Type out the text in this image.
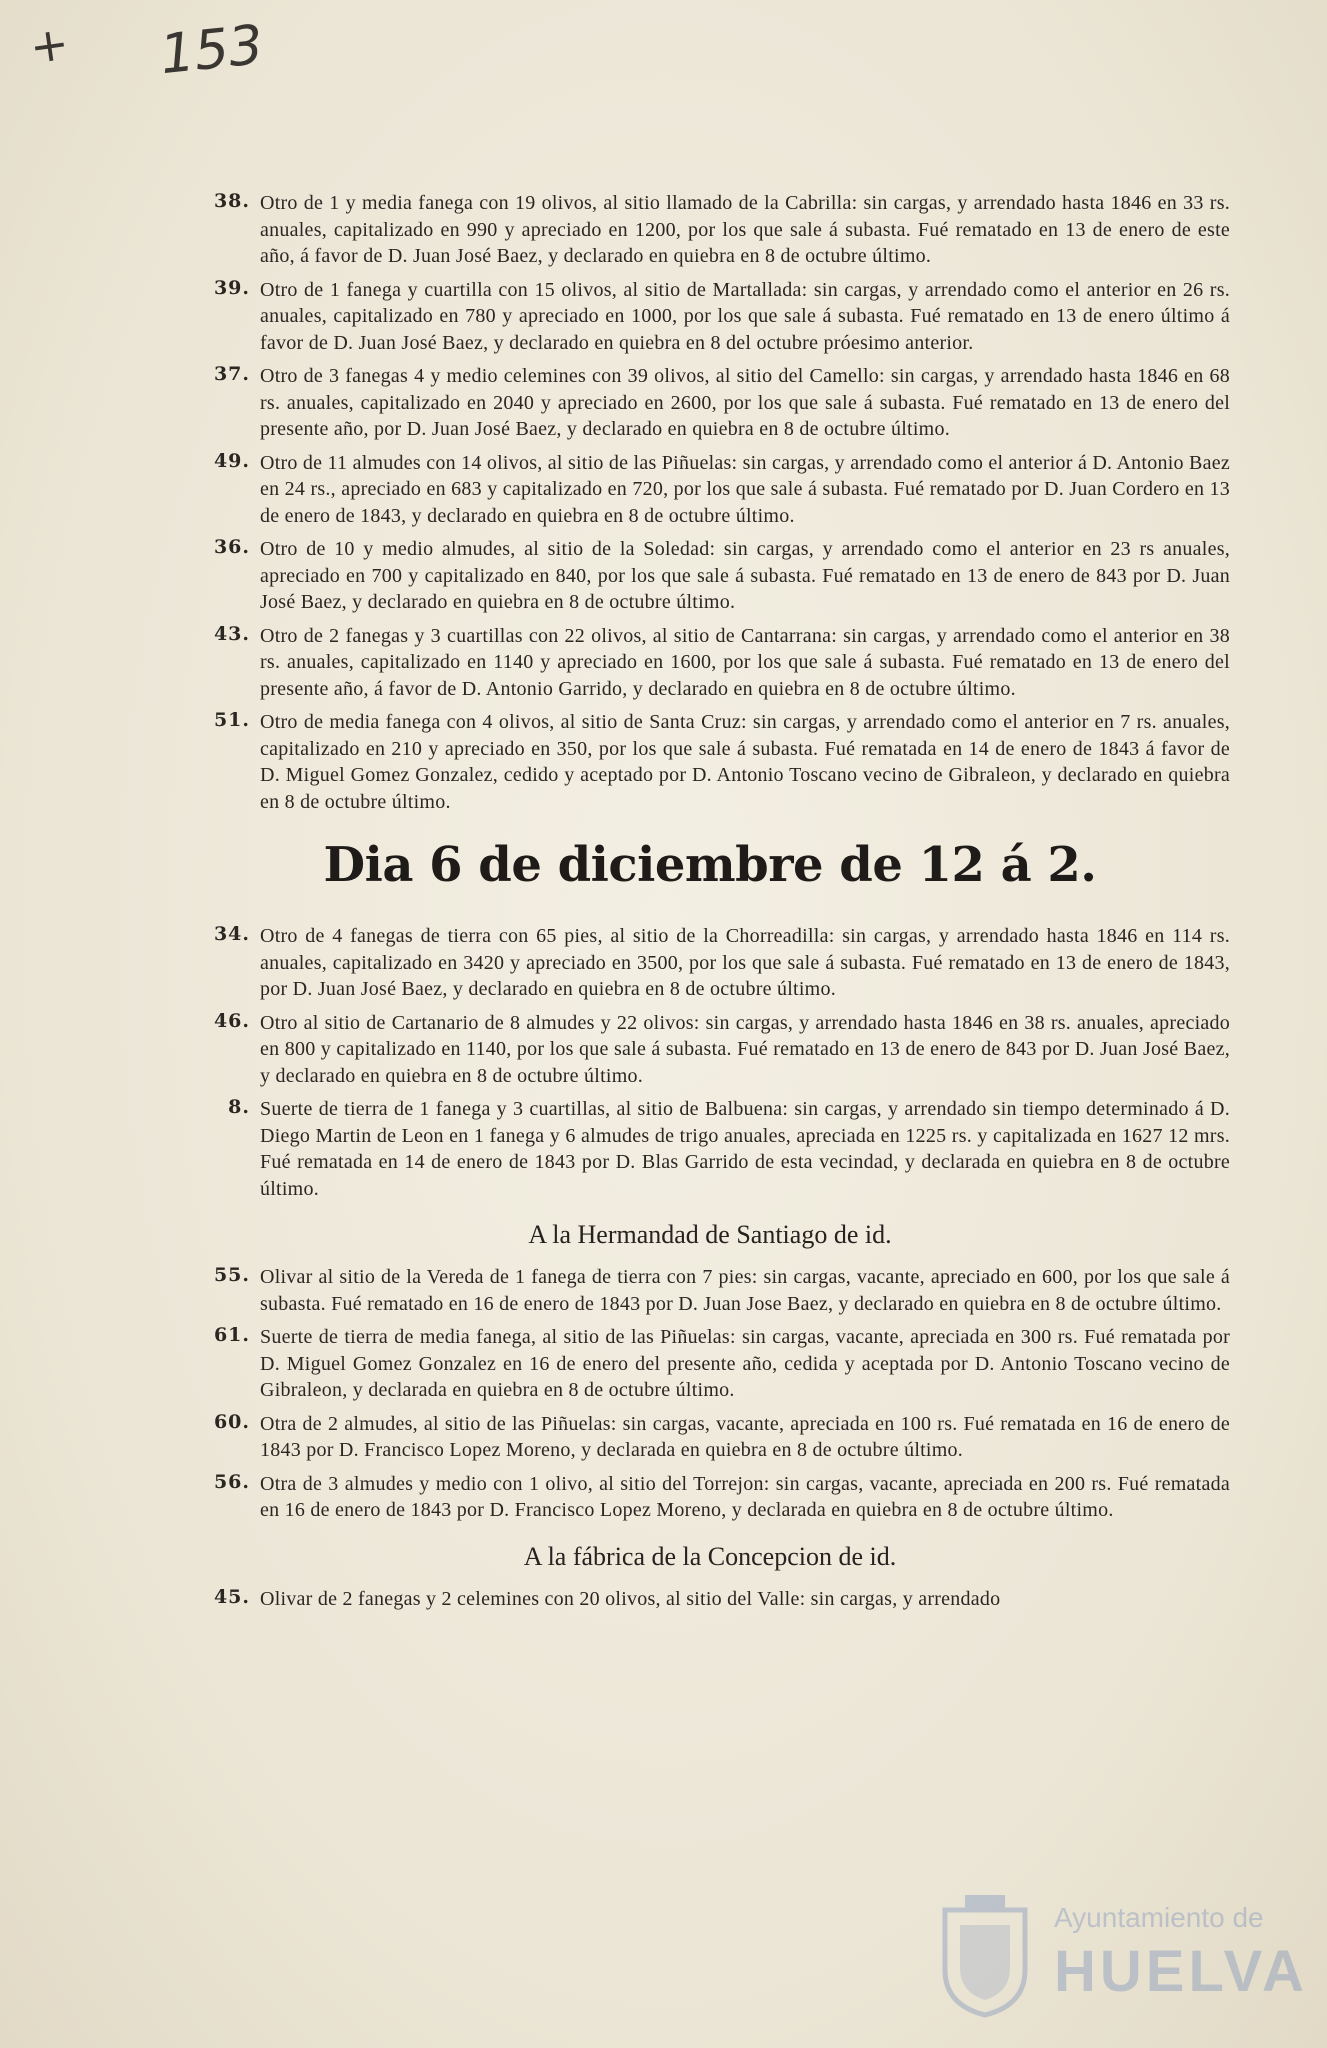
+ 153
38. Otro de 1 y media fanega con 19 olivos, al sitio llamado de la Cabrilla: sin cargas, y arrendado hasta 1846 en 33 rs. anuales, capitalizado en 990 y apreciado en 1200, por los que sale á subasta. Fué rematado en 13 de enero de este año, á favor de D. Juan José Baez, y declarado en quiebra en 8 de octubre último.
39. Otro de 1 fanega y cuartilla con 15 olivos, al sitio de Martallada: sin cargas, y arrendado como el anterior en 26 rs. anuales, capitalizado en 780 y apreciado en 1000, por los que sale á subasta. Fué rematado en 13 de enero último á favor de D. Juan José Baez, y declarado en quiebra en 8 del octubre próesimo anterior.
37. Otro de 3 fanegas 4 y medio celemines con 39 olivos, al sitio del Camello: sin cargas, y arrendado hasta 1846 en 68 rs. anuales, capitalizado en 2040 y apreciado en 2600, por los que sale á subasta. Fué rematado en 13 de enero del presente año, por D. Juan José Baez, y declarado en quiebra en 8 de octubre último.
49. Otro de 11 almudes con 14 olivos, al sitio de las Piñuelas: sin cargas, y arrendado como el anterior á D. Antonio Baez en 24 rs., apreciado en 683 y capitalizado en 720, por los que sale á subasta. Fué rematado por D. Juan Cordero en 13 de enero de 1843, y declarado en quiebra en 8 de octubre último.
36. Otro de 10 y medio almudes, al sitio de la Soledad: sin cargas, y arrendado como el anterior en 23 rs anuales, apreciado en 700 y capitalizado en 840, por los que sale á subasta. Fué rematado en 13 de enero de 843 por D. Juan José Baez, y declarado en quiebra en 8 de octubre último.
43. Otro de 2 fanegas y 3 cuartillas con 22 olivos, al sitio de Cantarrana: sin cargas, y arrendado como el anterior en 38 rs. anuales, capitalizado en 1140 y apreciado en 1600, por los que sale á subasta. Fué rematado en 13 de enero del presente año, á favor de D. Antonio Garrido, y declarado en quiebra en 8 de octubre último.
51. Otro de media fanega con 4 olivos, al sitio de Santa Cruz: sin cargas, y arrendado como el anterior en 7 rs. anuales, capitalizado en 210 y apreciado en 350, por los que sale á subasta. Fué rematada en 14 de enero de 1843 á favor de D. Miguel Gomez Gonzalez, cedido y aceptado por D. Antonio Toscano vecino de Gibraleon, y declarado en quiebra en 8 de octubre último.
Dia 6 de diciembre de 12 á 2.
34. Otro de 4 fanegas de tierra con 65 pies, al sitio de la Chorreadilla: sin cargas, y arrendado hasta 1846 en 114 rs. anuales, capitalizado en 3420 y apreciado en 3500, por los que sale á subasta. Fué rematado en 13 de enero de 1843, por D. Juan José Baez, y declarado en quiebra en 8 de octubre último.
46. Otro al sitio de Cartanario de 8 almudes y 22 olivos: sin cargas, y arrendado hasta 1846 en 38 rs. anuales, apreciado en 800 y capitalizado en 1140, por los que sale á subasta. Fué rematado en 13 de enero de 843 por D. Juan José Baez, y declarado en quiebra en 8 de octubre último.
8. Suerte de tierra de 1 fanega y 3 cuartillas, al sitio de Balbuena: sin cargas, y arrendado sin tiempo determinado á D. Diego Martin de Leon en 1 fanega y 6 almudes de trigo anuales, apreciada en 1225 rs. y capitalizada en 1627 12 mrs. Fué rematada en 14 de enero de 1843 por D. Blas Garrido de esta vecindad, y declarada en quiebra en 8 de octubre último.
A la Hermandad de Santiago de id.
55. Olivar al sitio de la Vereda de 1 fanega de tierra con 7 pies: sin cargas, vacante, apreciado en 600, por los que sale á subasta. Fué rematado en 16 de enero de 1843 por D. Juan Jose Baez, y declarado en quiebra en 8 de octubre último.
61. Suerte de tierra de media fanega, al sitio de las Piñuelas: sin cargas, vacante, apreciada en 300 rs. Fué rematada por D. Miguel Gomez Gonzalez en 16 de enero del presente año, cedida y aceptada por D. Antonio Toscano vecino de Gibraleon, y declarada en quiebra en 8 de octubre último.
60. Otra de 2 almudes, al sitio de las Piñuelas: sin cargas, vacante, apreciada en 100 rs. Fué rematada en 16 de enero de 1843 por D. Francisco Lopez Moreno, y declarada en quiebra en 8 de octubre último.
56. Otra de 3 almudes y medio con 1 olivo, al sitio del Torrejon: sin cargas, vacante, apreciada en 200 rs. Fué rematada en 16 de enero de 1843 por D. Francisco Lopez Moreno, y declarada en quiebra en 8 de octubre último.
A la fábrica de la Concepcion de id.
45. Olivar de 2 fanegas y 2 celemines con 20 olivos, al sitio del Valle: sin cargas, y arrendado
Ayuntamiento de
HUELVA
